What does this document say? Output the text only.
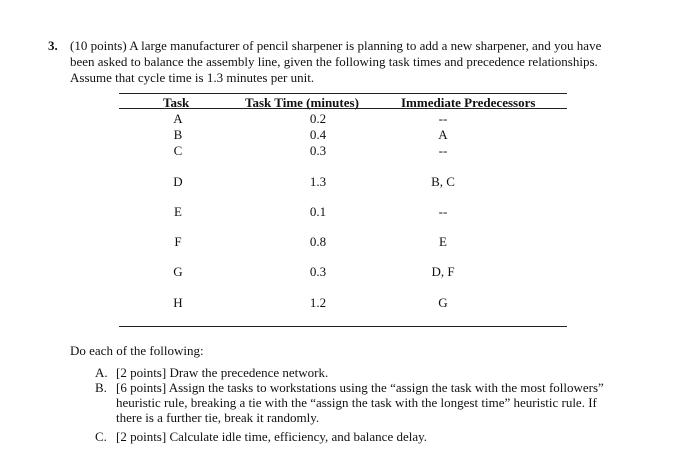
3. (10 points) A large manufacturer of pencil sharpener is planning to add a new sharpener, and you have
been asked to balance the assembly line, given the following task times and precedence relationships.
Assume that cycle time is 1.3 minutes per unit.
Task	Task Time (minutes)	Immediate Predecessors
A	0.2	--
B	0.4	A
C	0.3	--
D	1.3	B, C
E	0.1	--
F	0.8	E
G	0.3	D, F
H	1.2	G
Do each of the following:
A. [2 points] Draw the precedence network.
B. [6 points] Assign the tasks to workstations using the “assign the task with the most followers”
heuristic rule, breaking a tie with the “assign the task with the longest time” heuristic rule. If
there is a further tie, break it randomly.
C. [2 points] Calculate idle time, efficiency, and balance delay.
